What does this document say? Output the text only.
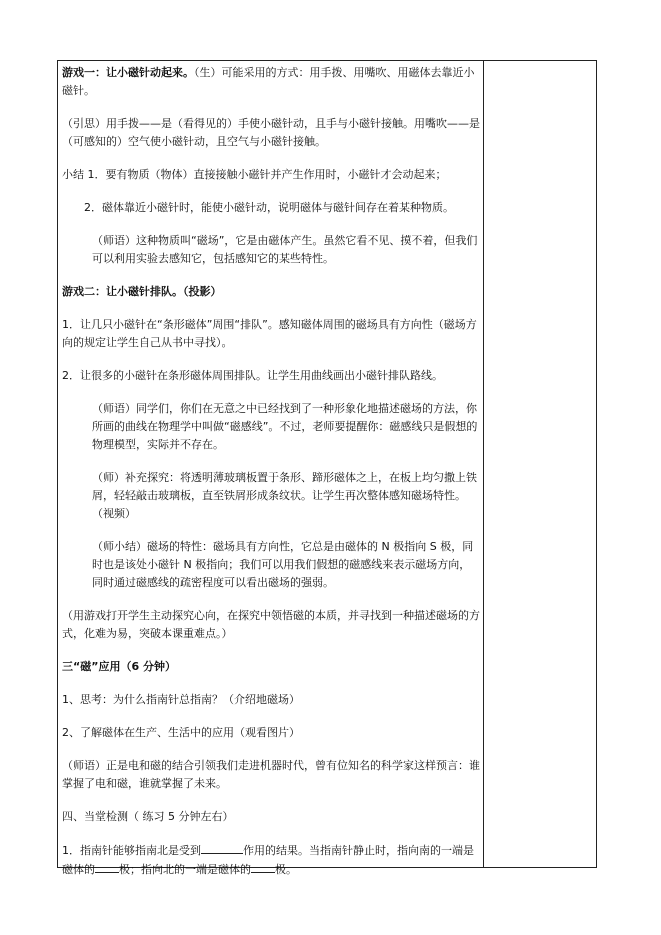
游戏一：让小磁针动起来。（生）可能采用的方式：用手拨、用嘴吹、用磁体去靠近小磁针。

（引思）用手拨——是（看得见的）手使小磁针动，且手与小磁针接触。用嘴吹——是（可感知的）空气使小磁针动，且空气与小磁针接触。

小结 1．要有物质（物体）直接接触小磁针并产生作用时，小磁针才会动起来；

2．磁体靠近小磁针时，能使小磁针动，说明磁体与磁针间存在着某种物质。

（师语）这种物质叫“磁场”，它是由磁体产生。虽然它看不见、摸不着，但我们可以利用实验去感知它，包括感知它的某些特性。

游戏二：让小磁针排队。（投影）

1．让几只小磁针在“条形磁体”周围“排队”。感知磁体周围的磁场具有方向性（磁场方向的规定让学生自己从书中寻找）。

2．让很多的小磁针在条形磁体周围排队。让学生用曲线画出小磁针排队路线。

（师语）同学们，你们在无意之中已经找到了一种形象化地描述磁场的方法，你所画的曲线在物理学中叫做“磁感线”。不过，老师要提醒你：磁感线只是假想的物理模型，实际并不存在。

（师）补充探究：将透明薄玻璃板置于条形、蹄形磁体之上，在板上均匀撒上铁屑，轻轻敲击玻璃板，直至铁屑形成条纹状。让学生再次整体感知磁场特性。（视频）

（师小结）磁场的特性：磁场具有方向性，它总是由磁体的 N 极指向 S 极，同时也是该处小磁针 N 极指向；我们可以用我们假想的磁感线来表示磁场方向，同时通过磁感线的疏密程度可以看出磁场的强弱。

（用游戏打开学生主动探究心向，在探究中领悟磁的本质，并寻找到一种描述磁场的方式，化难为易，突破本课重难点。）

三“磁”应用（6 分钟）

1、思考：为什么指南针总指南？（介绍地磁场）

2、了解磁体在生产、生活中的应用（观看图片）

（师语）正是电和磁的结合引领我们走进机器时代，曾有位知名的科学家这样预言：谁掌握了电和磁，谁就掌握了未来。

四、当堂检测（ 练习 5 分钟左右）

1．指南针能够指南北是受到	作用的结果。当指南针静止时，指向南的一端是磁体的 极；指向北的一端是磁体的 极。
